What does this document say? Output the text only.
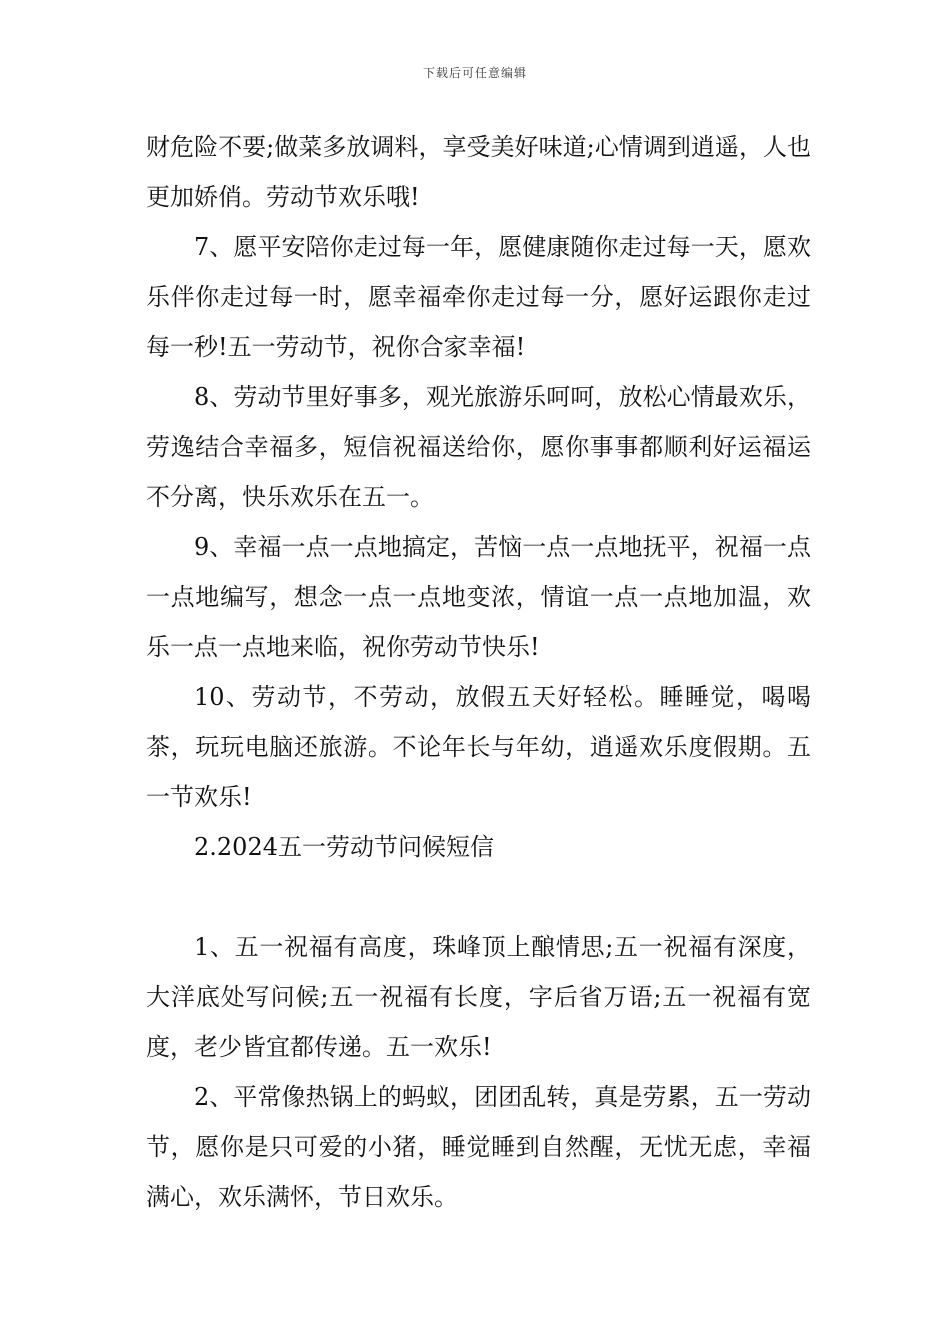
下载后可任意编辑

财危险不要;做菜多放调料，享受美好味道;心情调到逍遥，人也更加娇俏。劳动节欢乐哦!

7、愿平安陪你走过每一年，愿健康随你走过每一天，愿欢乐伴你走过每一时，愿幸福牵你走过每一分，愿好运跟你走过每一秒!五一劳动节，祝你合家幸福!

8、劳动节里好事多，观光旅游乐呵呵，放松心情最欢乐，劳逸结合幸福多，短信祝福送给你，愿你事事都顺利好运福运不分离，快乐欢乐在五一。

9、幸福一点一点地搞定，苦恼一点一点地抚平，祝福一点一点地编写，想念一点一点地变浓，情谊一点一点地加温，欢乐一点一点地来临，祝你劳动节快乐!

10、劳动节，不劳动，放假五天好轻松。睡睡觉，喝喝茶，玩玩电脑还旅游。不论年长与年幼，逍遥欢乐度假期。五一节欢乐!

2.2024五一劳动节问候短信

1、五一祝福有高度，珠峰顶上酿情思;五一祝福有深度，大洋底处写问候;五一祝福有长度，字后省万语;五一祝福有宽度，老少皆宜都传递。五一欢乐!

2、平常像热锅上的蚂蚁，团团乱转，真是劳累，五一劳动节，愿你是只可爱的小猪，睡觉睡到自然醒，无忧无虑，幸福满心，欢乐满怀，节日欢乐。
